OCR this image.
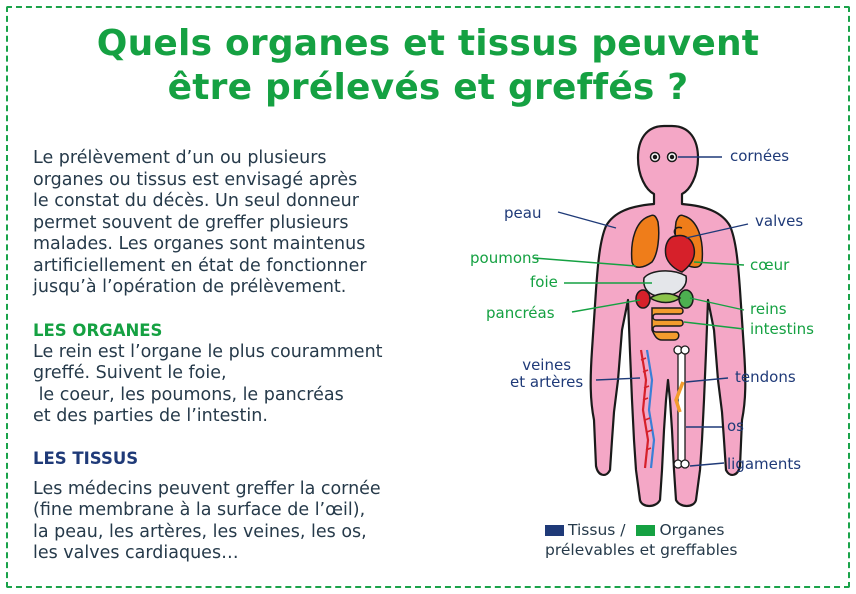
Quels organes et tissus peuvent
être prélevés et greffés ?
Le prélèvement d’un ou plusieurs
organes ou tissus est envisagé après
le constat du décès. Un seul donneur
permet souvent de greffer plusieurs
malades. Les organes sont maintenus
artificiellement en état de fonctionner
jusqu’à l’opération de prélèvement.
LES ORGANES
Le rein est l’organe le plus couramment
greffé. Suivent le foie,
le coeur, les poumons, le pancréas
et des parties de l’intestin.
LES TISSUS
Les médecins peuvent greffer la cornée
(fine membrane à la surface de l’œil),
la peau, les artères, les veines, les os,
les valves cardiaques…
cornées
peau	valves
poumons	cœur
foie
reins
pancréas
intestins
veines
et artères	tendons
os
ligaments
Tissus / Organes
prélevables et greffables
